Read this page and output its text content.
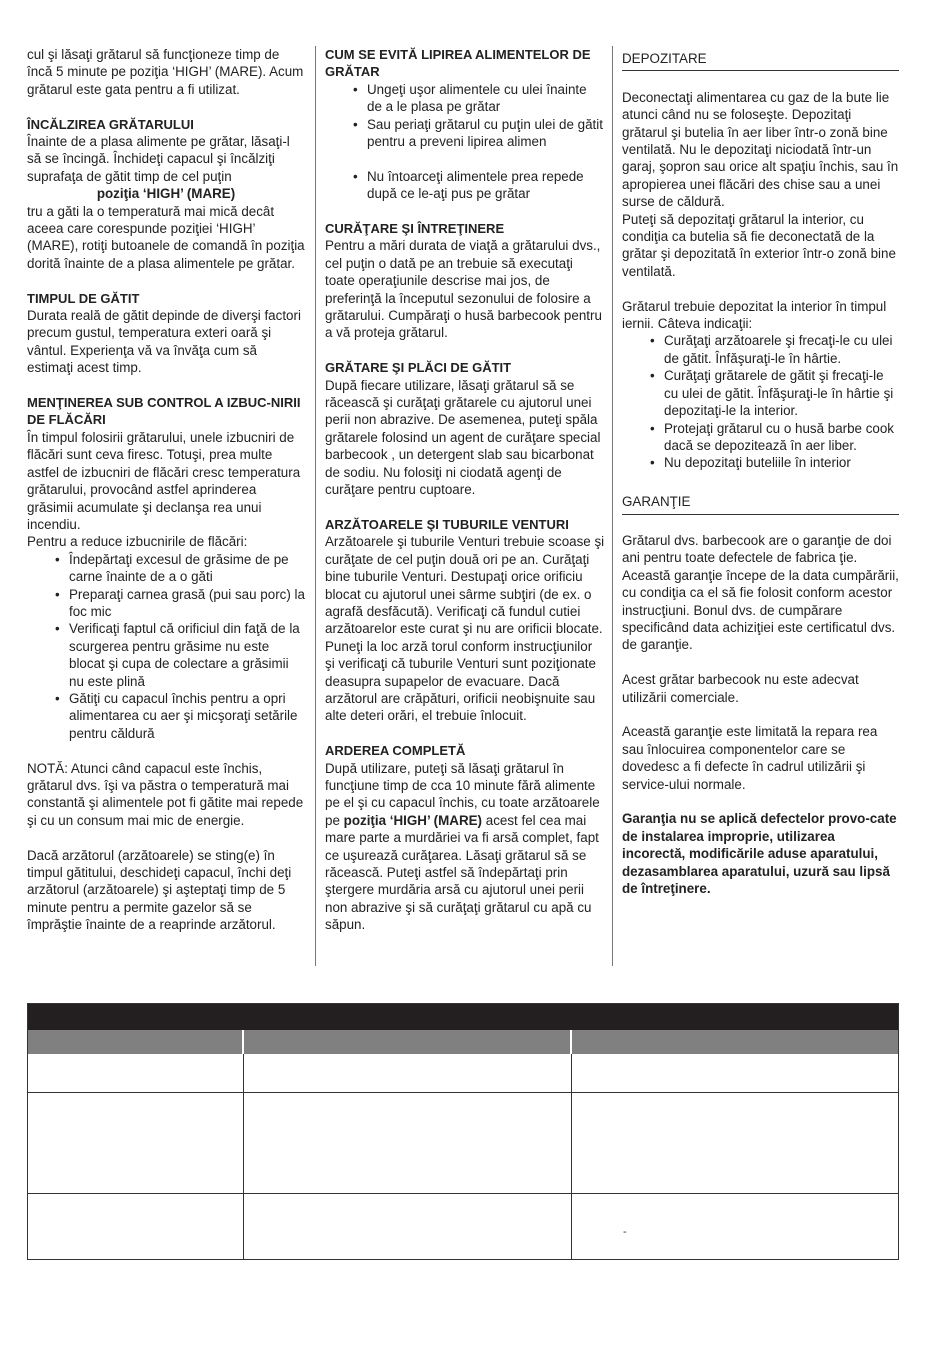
cul şi lăsaţi grătarul să funcţioneze timp de încă 5 minute pe poziţia ‘HIGH’ (MARE). Acum grătarul este gata pentru a fi utilizat.
ÎNCĂLZIREA GRĂTARULUI
Înainte de a plasa alimente pe grătar, lăsaţi-l să se încingă. Închideţi capacul şi încălziţi suprafaţa de gătit timp de cel puţin
poziţia ‘HIGH’ (MARE)
tru a găti la o temperatură mai mică decât aceea care corespunde poziţiei ‘HIGH’ (MARE), rotiţi butoanele de comandă în poziţia dorită înainte de a plasa alimentele pe grătar.
TIMPUL DE GĂTIT
Durata reală de gătit depinde de diverşi factori precum gustul, temperatura exteri oară şi vântul. Experienţa vă va învăţa cum să estimaţi acest timp.
MENŢINEREA SUB CONTROL A IZBUC-NIRII DE FLĂCĂRI
În timpul folosirii grătarului, unele izbucniri de flăcări sunt ceva firesc. Totuşi, prea multe astfel de izbucniri de flăcări cresc temperatura grătarului, provocând astfel aprinderea grăsimii acumulate şi declanşa rea unui incendiu.
Pentru a reduce izbucnirile de flăcări:
• Îndepărtaţi excesul de grăsime de pe carne înainte de a o găti
• Preparaţi carnea grasă (pui sau porc) la foc mic
• Verificaţi faptul că orificiul din faţă de la scurgerea pentru grăsime nu este blocat şi cupa de colectare a grăsimii nu este plină
• Gătiţi cu capacul închis pentru a opri alimentarea cu aer şi micşoraţi setările pentru căldură
NOTĂ: Atunci când capacul este închis, grătarul dvs. îşi va păstra o temperatură mai constantă şi alimentele pot fi gătite mai repede şi cu un consum mai mic de energie.
Dacă arzătorul (arzătoarele) se sting(e) în timpul gătitului, deschideţi capacul, închi deţi arzătorul (arzătoarele) şi aşteptaţi timp de 5 minute pentru a permite gazelor să se împrăştie înainte de a reaprinde arzătorul.
CUM SE EVITĂ LIPIREA ALIMENTELOR DE GRĂTAR
• Ungeţi uşor alimentele cu ulei înainte de a le plasa pe grătar
• Sau periaţi grătarul cu puţin ulei de gătit pentru a preveni lipirea alimen
• Nu întoarceţi alimentele prea repede după ce le-aţi pus pe grătar
CURĂŢARE ŞI ÎNTREŢINERE
Pentru a mări durata de viaţă a grătarului dvs., cel puţin o dată pe an trebuie să executaţi toate operaţiunile descrise mai jos, de preferinţă la începutul sezonului de folosire a grătarului. Cumpăraţi o husă barbecook pentru a vă proteja grătarul.
GRĂTARE ŞI PLĂCI DE GĂTIT
După fiecare utilizare, lăsaţi grătarul să se răcească şi curăţaţi grătarele cu ajutorul unei perii non abrazive. De asemenea, puteţi spăla grătarele folosind un agent de curăţare special barbecook , un detergent slab sau bicarbonat de sodiu. Nu folosiţi ni ciodată agenţi de curăţare pentru cuptoare.
ARZĂTOARELE ŞI TUBURILE VENTURI
Arzătoarele şi tuburile Venturi trebuie scoase şi curăţate de cel puţin două ori pe an. Curăţaţi bine tuburile Venturi. Destupaţi orice orificiu blocat cu ajutorul unei sârme subţiri (de ex. o agrafă desfăcută). Verificaţi că fundul cutiei arzătoarelor este curat şi nu are orificii blocate. Puneţi la loc arză torul conform instrucţiunilor şi verificaţi că tuburile Venturi sunt poziţionate deasupra supapelor de evacuare. Dacă arzătorul are crăpături, orificii neobişnuite sau alte deteri orări, el trebuie înlocuit.
ARDEREA COMPLETĂ
După utilizare, puteţi să lăsaţi grătarul în funcţiune timp de cca 10 minute fără alimente pe el şi cu capacul închis, cu toate arzătoarele pe poziţia ‘HIGH’ (MARE) acest fel cea mai mare parte a murdăriei va fi arsă complet, fapt ce uşurează curăţarea. Lăsaţi grătarul să se răcească. Puteţi astfel să îndepărtaţi prin ştergere murdăria arsă cu ajutorul unei perii non abrazive şi să curăţaţi grătarul cu apă cu săpun.
DEPOZITARE
Deconectaţi alimentarea cu gaz de la bute lie atunci când nu se foloseşte. Depozitaţi grătarul şi butelia în aer liber într-o zonă bine ventilată. Nu le depozitaţi niciodată într-un garaj, şopron sau orice alt spaţiu închis, sau în apropierea unei flăcări des chise sau a unei surse de căldură.
Puteţi să depozitaţi grătarul la interior, cu condiţia ca butelia să fie deconectată de la grătar şi depozitată în exterior într-o zonă bine ventilată.
Grătarul trebuie depozitat la interior în timpul iernii. Câteva indicaţii:
• Curăţaţi arzătoarele şi frecaţi-le cu ulei de gătit. Înfăşuraţi-le în hârtie.
• Curăţaţi grătarele de gătit şi frecaţi-le cu ulei de gătit. Înfăşuraţi-le în hârtie şi depozitaţi-le la interior.
• Protejaţi grătarul cu o husă barbe cook dacă se depozitează în aer liber.
• Nu depozitaţi buteliile în interior
GARANŢIE
Grătarul dvs. barbecook are o garanţie de doi ani pentru toate defectele de fabrica ţie. Această garanţie începe de la data cumpărării, cu condiţia ca el să fie folosit conform acestor instrucţiuni. Bonul dvs. de cumpărare specificând data achiziţiei este certificatul dvs. de garanţie.
Acest grătar barbecook nu este adecvat utilizării comerciale.
Această garanţie este limitată la repara rea sau înlocuirea componentelor care se dovedesc a fi defecte în cadrul utilizării şi service-ului normale.
Garanţia nu se aplică defectelor provo-cate de instalarea improprie, utilizarea incorectă, modificările aduse aparatului, dezasamblarea aparatului, uzură sau lipsă de întreţinere.
-
